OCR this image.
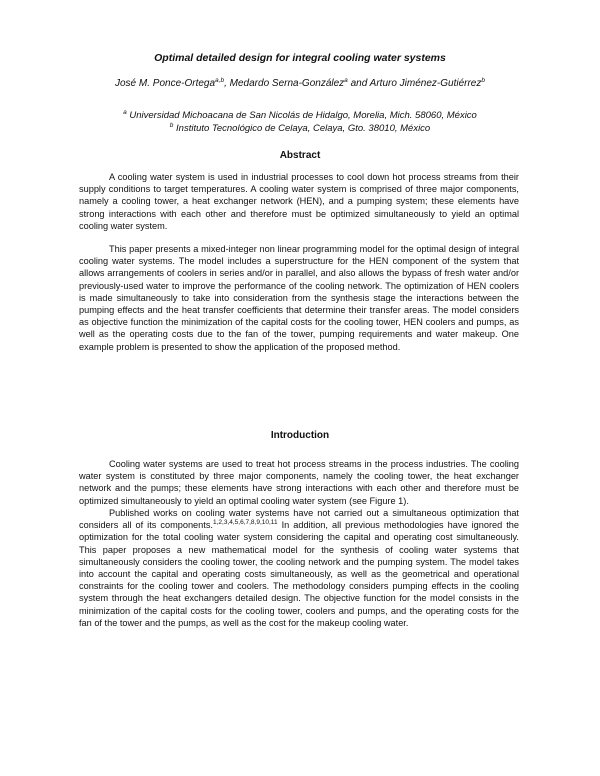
Optimal detailed design for integral cooling water systems
José M. Ponce-Ortega$^{a,b}$, Medardo Serna-González$^a$ and Arturo Jiménez-Gutiérrez$^b$
$^a$ Universidad Michoacana de San Nicolás de Hidalgo, Morelia, Mich. 58060, México
$^b$ Instituto Tecnológico de Celaya, Celaya, Gto. 38010, México
Abstract

A cooling water system is used in industrial processes to cool down hot process streams from their supply conditions to target temperatures. A cooling water system is comprised of three major components, namely a cooling tower, a heat exchanger network (HEN), and a pumping system; these elements have strong interactions with each other and therefore must be optimized simultaneously to yield an optimal cooling water system.

This paper presents a mixed-integer non linear programming model for the optimal design of integral cooling water systems. The model includes a superstructure for the HEN component of the system that allows arrangements of coolers in series and/or in parallel, and also allows the bypass of fresh water and/or previously-used water to improve the performance of the cooling network. The optimization of HEN coolers is made simultaneously to take into consideration from the synthesis stage the interactions between the pumping effects and the heat transfer coefficients that determine their transfer areas. The model considers as objective function the minimization of the capital costs for the cooling tower, HEN coolers and pumps, as well as the operating costs due to the fan of the tower, pumping requirements and water makeup. One example problem is presented to show the application of the proposed method.

Introduction

Cooling water systems are used to treat hot process streams in the process industries. The cooling water system is constituted by three major components, namely the cooling tower, the heat exchanger network and the pumps; these elements have strong interactions with each other and therefore must be optimized simultaneously to yield an optimal cooling water system (see Figure 1).

Published works on cooling water systems have not carried out a simultaneous optimization that considers all of its components.$^{1,2,3,4,5,6,7,8,9,10,11}$ In addition, all previous methodologies have ignored the optimization for the total cooling water system considering the capital and operating cost simultaneously. This paper proposes a new mathematical model for the synthesis of cooling water systems that simultaneously considers the cooling tower, the cooling network and the pumping system. The model takes into account the capital and operating costs simultaneously, as well as the geometrical and operational constraints for the cooling tower and coolers. The methodology considers pumping effects in the cooling system through the heat exchangers detailed design. The objective function for the model consists in the minimization of the capital costs for the cooling tower, coolers and pumps, and the operating costs for the fan of the tower and the pumps, as well as the cost for the makeup cooling water.
